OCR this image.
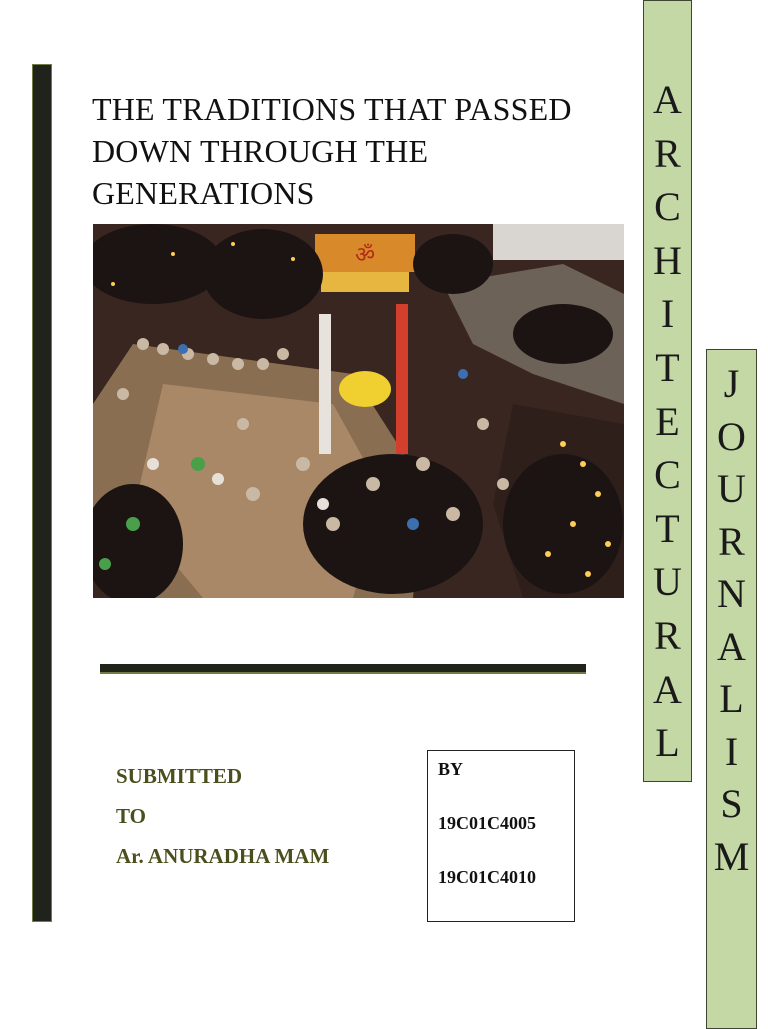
THE TRADITIONS THAT PASSED
DOWN THROUGH THE
GENERATIONS
ॐ
SUBMITTED
TO
Ar. ANURADHA MAM
BY
19C01C4005
19C01C4010
A
R
C
H
I
T
E
C
T
U
R
A
L
J
O
U
R
N
A
L
I
S
M
